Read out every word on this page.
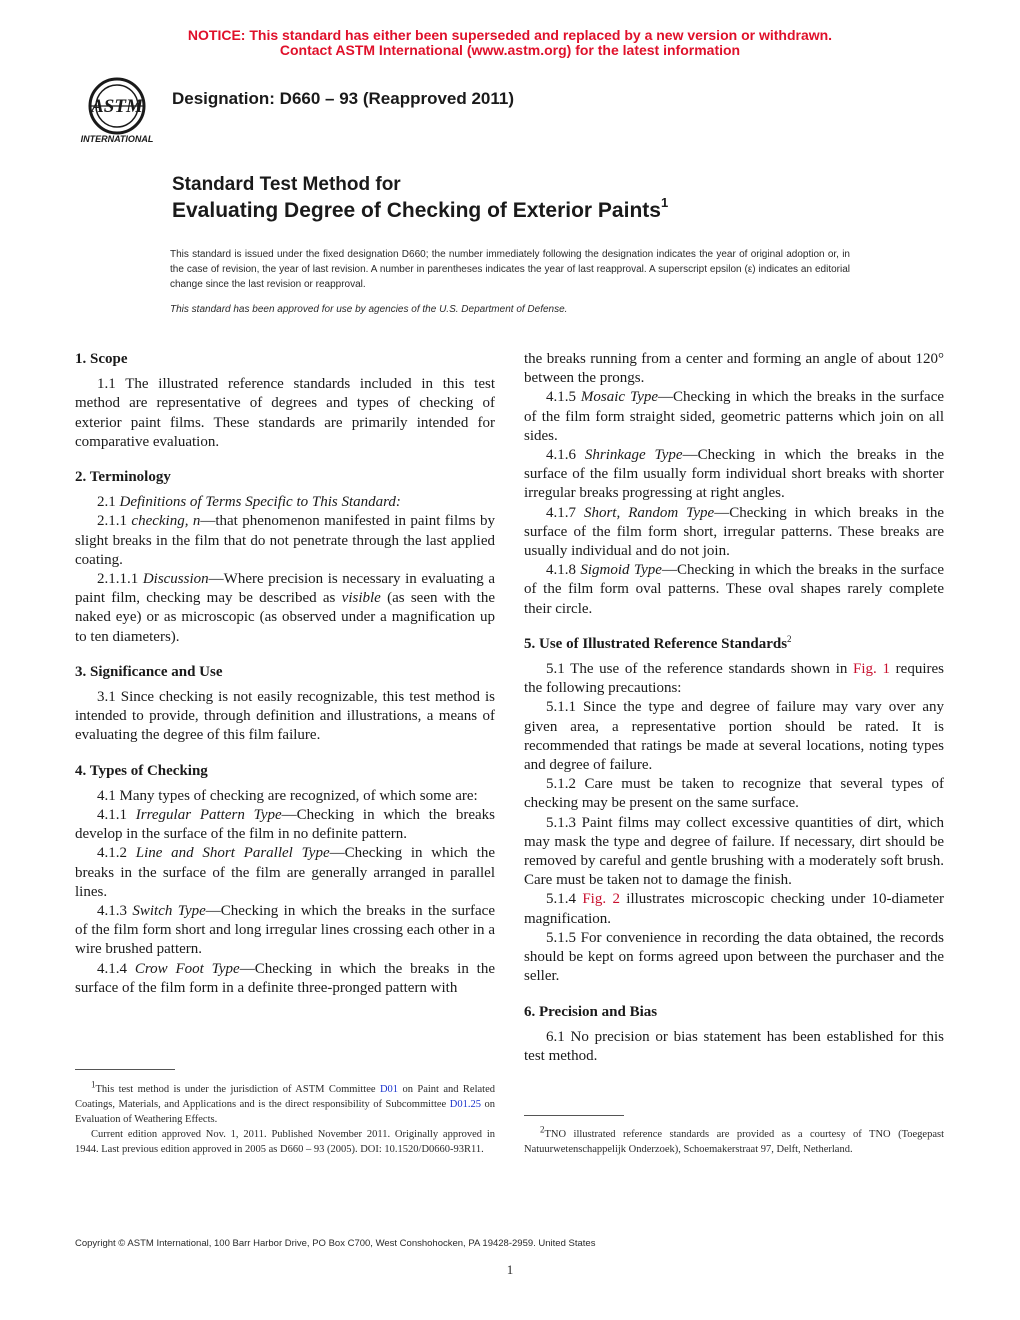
NOTICE: This standard has either been superseded and replaced by a new version or withdrawn.
Contact ASTM International (www.astm.org) for the latest information
ASTM
INTERNATIONAL
Designation: D660 – 93 (Reapproved 2011)
Standard Test Method for
Evaluating Degree of Checking of Exterior Paints$^1$
This standard is issued under the fixed designation D660; the number immediately following the designation indicates the year of original adoption or, in the case of revision, the year of last revision. A number in parentheses indicates the year of last reapproval. A superscript epsilon (ε) indicates an editorial change since the last revision or reapproval.
This standard has been approved for use by agencies of the U.S. Department of Defense.

1. Scope

1.1 The illustrated reference standards included in this test method are representative of degrees and types of checking of exterior paint films. These standards are primarily intended for comparative evaluation.

2. Terminology

2.1 Definitions of Terms Specific to This Standard:

2.1.1 checking, n—that phenomenon manifested in paint films by slight breaks in the film that do not penetrate through the last applied coating.

2.1.1.1 Discussion—Where precision is necessary in evaluating a paint film, checking may be described as visible (as seen with the naked eye) or as microscopic (as observed under a magnification up to ten diameters).

3. Significance and Use

3.1 Since checking is not easily recognizable, this test method is intended to provide, through definition and illustrations, a means of evaluating the degree of this film failure.

4. Types of Checking

4.1 Many types of checking are recognized, of which some are:

4.1.1 Irregular Pattern Type—Checking in which the breaks develop in the surface of the film in no definite pattern.

4.1.2 Line and Short Parallel Type—Checking in which the breaks in the surface of the film are generally arranged in parallel lines.

4.1.3 Switch Type—Checking in which the breaks in the surface of the film form short and long irregular lines crossing each other in a wire brushed pattern.

4.1.4 Crow Foot Type—Checking in which the breaks in the surface of the film form in a definite three-pronged pattern with

1This test method is under the jurisdiction of ASTM Committee D01 on Paint and Related Coatings, Materials, and Applications and is the direct responsibility of Subcommittee D01.25 on Evaluation of Weathering Effects.

Current edition approved Nov. 1, 2011. Published November 2011. Originally approved in 1944. Last previous edition approved in 2005 as D660 – 93 (2005). DOI: 10.1520/D0660-93R11.

the breaks running from a center and forming an angle of about 120° between the prongs.

4.1.5 Mosaic Type—Checking in which the breaks in the surface of the film form straight sided, geometric patterns which join on all sides.

4.1.6 Shrinkage Type—Checking in which the breaks in the surface of the film usually form individual short breaks with shorter irregular breaks progressing at right angles.

4.1.7 Short, Random Type—Checking in which breaks in the surface of the film form short, irregular patterns. These breaks are usually individual and do not join.

4.1.8 Sigmoid Type—Checking in which the breaks in the surface of the film form oval patterns. These oval shapes rarely complete their circle.

5. Use of Illustrated Reference Standards$^2$

5.1 The use of the reference standards shown in Fig. 1 requires the following precautions:

5.1.1 Since the type and degree of failure may vary over any given area, a representative portion should be rated. It is recommended that ratings be made at several locations, noting types and degree of failure.

5.1.2 Care must be taken to recognize that several types of checking may be present on the same surface.

5.1.3 Paint films may collect excessive quantities of dirt, which may mask the type and degree of failure. If necessary, dirt should be removed by careful and gentle brushing with a moderately soft brush. Care must be taken not to damage the finish.

5.1.4 Fig. 2 illustrates microscopic checking under 10-diameter magnification.

5.1.5 For convenience in recording the data obtained, the records should be kept on forms agreed upon between the purchaser and the seller.

6. Precision and Bias

6.1 No precision or bias statement has been established for this test method.

2TNO illustrated reference standards are provided as a courtesy of TNO (Toegepast Natuurwetenschappelijk Onderzoek), Schoemakerstraat 97, Delft, Netherland.

Copyright © ASTM International, 100 Barr Harbor Drive, PO Box C700, West Conshohocken, PA 19428-2959. United States
1
